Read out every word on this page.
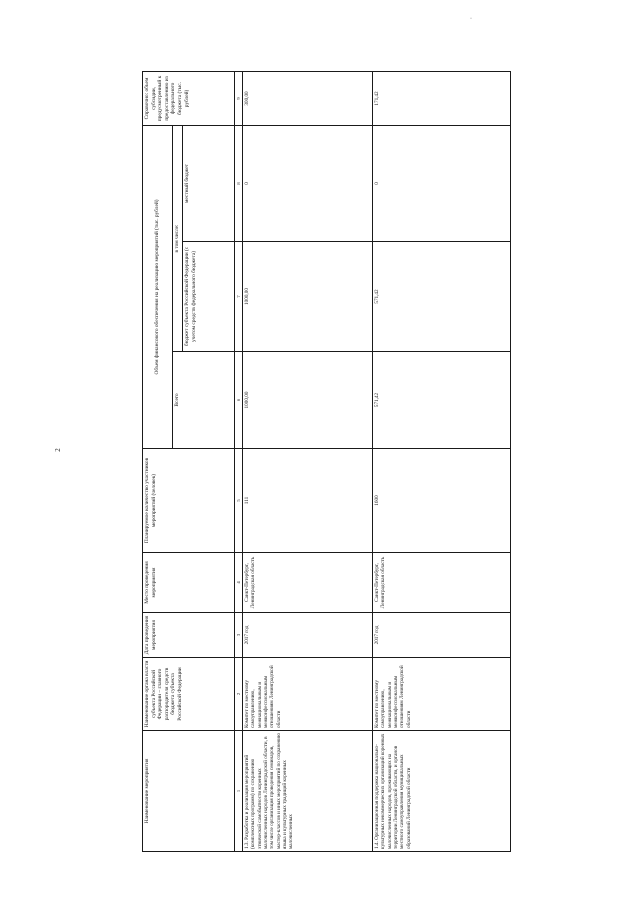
2
·
Наименование мероприятия	Наименование органа власти субъекта Российской Федерации – главного распорядителя средств бюджета субъекта Российской Федерации	Дата проведения мероприятия	Место проведения мероприятия	Планируемое количество участников мероприятий (человек)	Объем финансового обеспечения на реализацию мероприятий (тыс. рублей)			Справочно: объем субсидии, предусмотренный к предоставлению из федерального бюджета (тыс. рублей)
					Всего	в том числе:		
						бюджет субъекта Российской Федерации (с учетом средств федерального бюджета)	местный бюджет	
1	2	3	4	5	6	7	8	9
1.3. Разработка и реализация мероприятий (комплексных программ) по сохранению этнической самобытности коренных малочисленных народов Ленинградской области, в том числе организация проведения семинаров, мастер-классов и иных мероприятий по сохранению языка и культурных традиций коренных малочисленных	Комитет по местному самоуправлению, межнациональным и межконфессиональным отношениям Ленинградской области	2017 год	Санкт-Петербург, Ленинградская область	111	1000,00	1000,00	0	300,00
1.4. Организационная поддержка национально-культурных некоммерческих организаций коренных малочисленных народов, проживающих на территории Ленинградской области, и органов местного самоуправления муниципальных образований Ленинградской области	Комитет по местному самоуправлению, межнациональным и межконфессиональным отношениям Ленинградской области	2017 год	Санкт-Петербург, Ленинградская область	1600	571,42	571,42	0	171,42
